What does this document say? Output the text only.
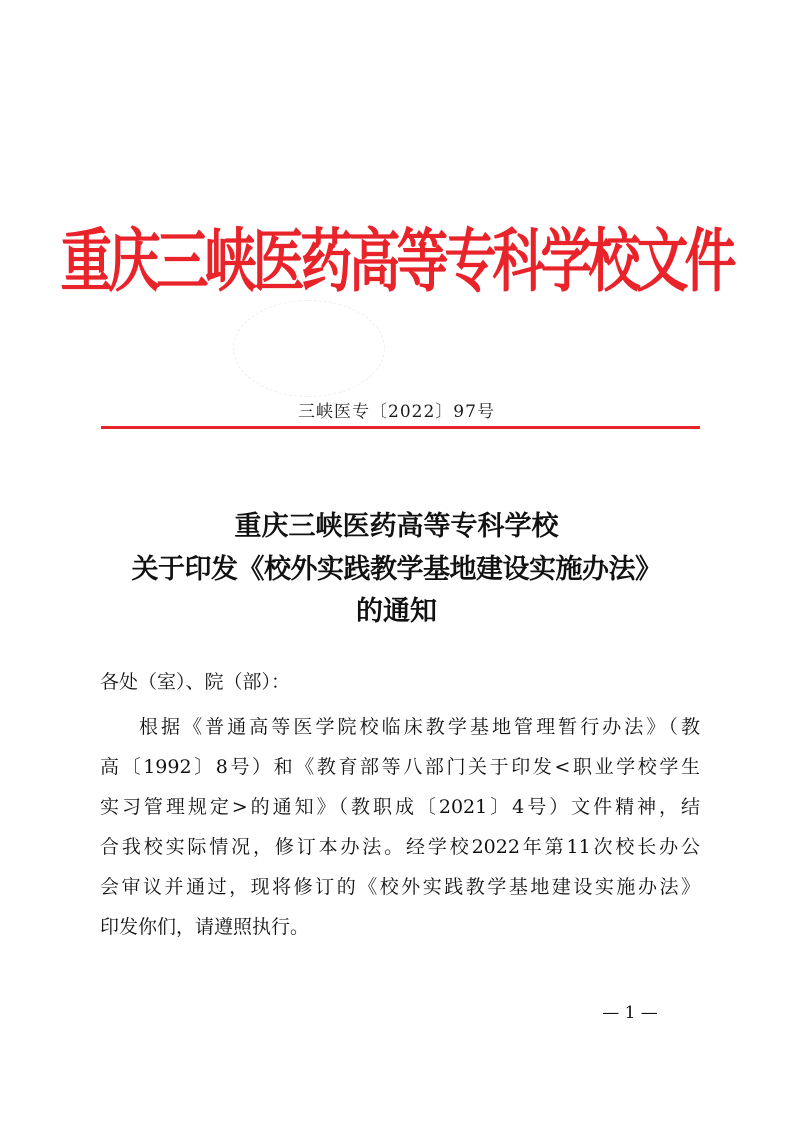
重庆三峡医药高等专科学校文件
三峡医专〔2022〕97号
重庆三峡医药高等专科学校
关于印发《校外实践教学基地建设实施办法》
的通知
各处（室）、院（部）：
根据《普通高等医学院校临床教学基地管理暂行办法》（教
高〔1992〕8号）和《教育部等八部门关于印发<职业学校学生
实习管理规定>的通知》（教职成〔2021〕4号）文件精神，结
合我校实际情况，修订本办法。经学校2022年第11次校长办公
会审议并通过，现将修订的《校外实践教学基地建设实施办法》
印发你们，请遵照执行。
— 1 —
